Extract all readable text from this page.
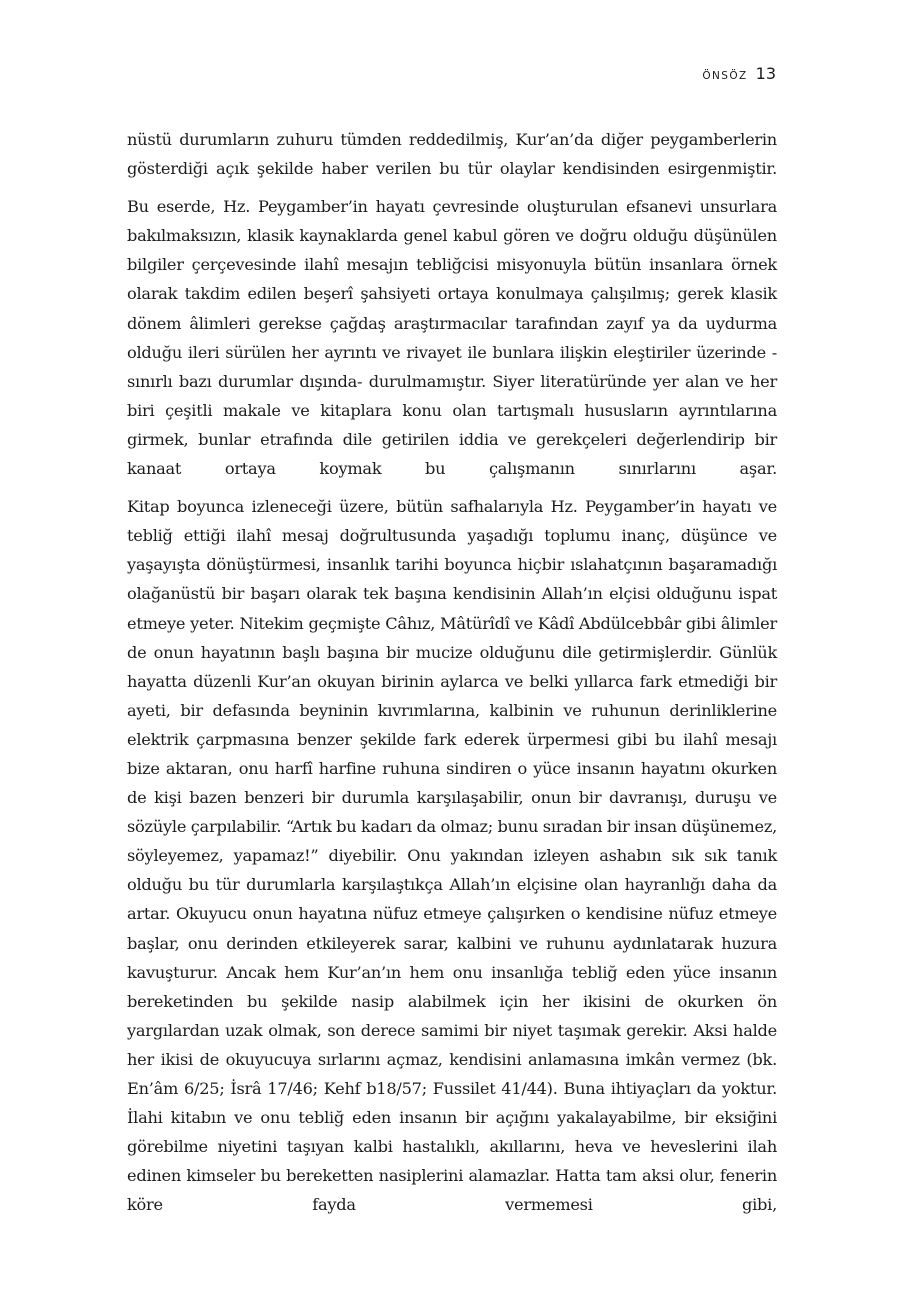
ÖNSÖZ 13

nüstü durumların zuhuru tümden reddedilmiş, Kur’an’da diğer peygamberlerin gösterdiği açık şekilde haber verilen bu tür olaylar kendisinden esirgenmiştir.

Bu eserde, Hz. Peygamber’in hayatı çevresinde oluşturulan efsanevi unsurlara bakılmaksızın, klasik kaynaklarda genel kabul gören ve doğru olduğu düşünülen bilgiler çerçevesinde ilahî mesajın tebliğcisi misyonuyla bütün insanlara örnek olarak takdim edilen beşerî şahsiyeti ortaya konulmaya çalışılmış; gerek klasik dönem âlimleri gerekse çağdaş araştırmacılar tarafından zayıf ya da uydurma olduğu ileri sürülen her ayrıntı ve rivayet ile bunlara ilişkin eleştiriler üzerinde -sınırlı bazı durumlar dışında- durulmamıştır. Siyer literatüründe yer alan ve her biri çeşitli makale ve kitaplara konu olan tartışmalı hususların ayrıntılarına girmek, bunlar etrafında dile getirilen iddia ve gerekçeleri değerlendirip bir kanaat ortaya koymak bu çalışmanın sınırlarını aşar.

Kitap boyunca izleneceği üzere, bütün safhalarıyla Hz. Peygamber’in hayatı ve tebliğ ettiği ilahî mesaj doğrultusunda yaşadığı toplumu inanç, düşünce ve yaşayışta dönüştürmesi, insanlık tarihi boyunca hiçbir ıslahatçının başaramadığı olağanüstü bir başarı olarak tek başına kendisinin Allah’ın elçisi olduğunu ispat etmeye yeter. Nitekim geçmişte Câhız, Mâtürîdî ve Kâdî Abdülcebbâr gibi âlimler de onun hayatının başlı başına bir mucize olduğunu dile getirmişlerdir. Günlük hayatta düzenli Kur’an okuyan birinin aylarca ve belki yıllarca fark etmediği bir ayeti, bir defasında beyninin kıvrımlarına, kalbinin ve ruhunun derinliklerine elektrik çarpmasına benzer şekilde fark ederek ürpermesi gibi bu ilahî mesajı bize aktaran, onu harfî harfine ruhuna sindiren o yüce insanın hayatını okurken de kişi bazen benzeri bir durumla karşılaşabilir, onun bir davranışı, duruşu ve sözüyle çarpılabilir. “Artık bu kadarı da olmaz; bunu sıradan bir insan düşünemez, söyleyemez, yapamaz!” diyebilir. Onu yakından izleyen ashabın sık sık tanık olduğu bu tür durumlarla karşılaştıkça Allah’ın elçisine olan hayranlığı daha da artar. Okuyucu onun hayatına nüfuz etmeye çalışırken o kendisine nüfuz etmeye başlar, onu derinden etkileyerek sarar, kalbini ve ruhunu aydınlatarak huzura kavuşturur. Ancak hem Kur’an’ın hem onu insanlığa tebliğ eden yüce insanın bereketinden bu şekilde nasip alabilmek için her ikisini de okurken ön yargılardan uzak olmak, son derece samimi bir niyet taşımak gerekir. Aksi halde her ikisi de okuyucuya sırlarını açmaz, kendisini anlamasına imkân vermez (bk. En’âm 6/25; İsrâ 17/46; Kehf b18/57; Fussilet 41/44). Buna ihtiyaçları da yoktur. İlahi kitabın ve onu tebliğ eden insanın bir açığını yakalayabilme, bir eksiğini görebilme niyetini taşıyan kalbi hastalıklı, akıllarını, heva ve heveslerini ilah edinen kimseler bu bereketten nasiplerini alamazlar. Hatta tam aksi olur, fenerin köre fayda vermemesi gibi,
